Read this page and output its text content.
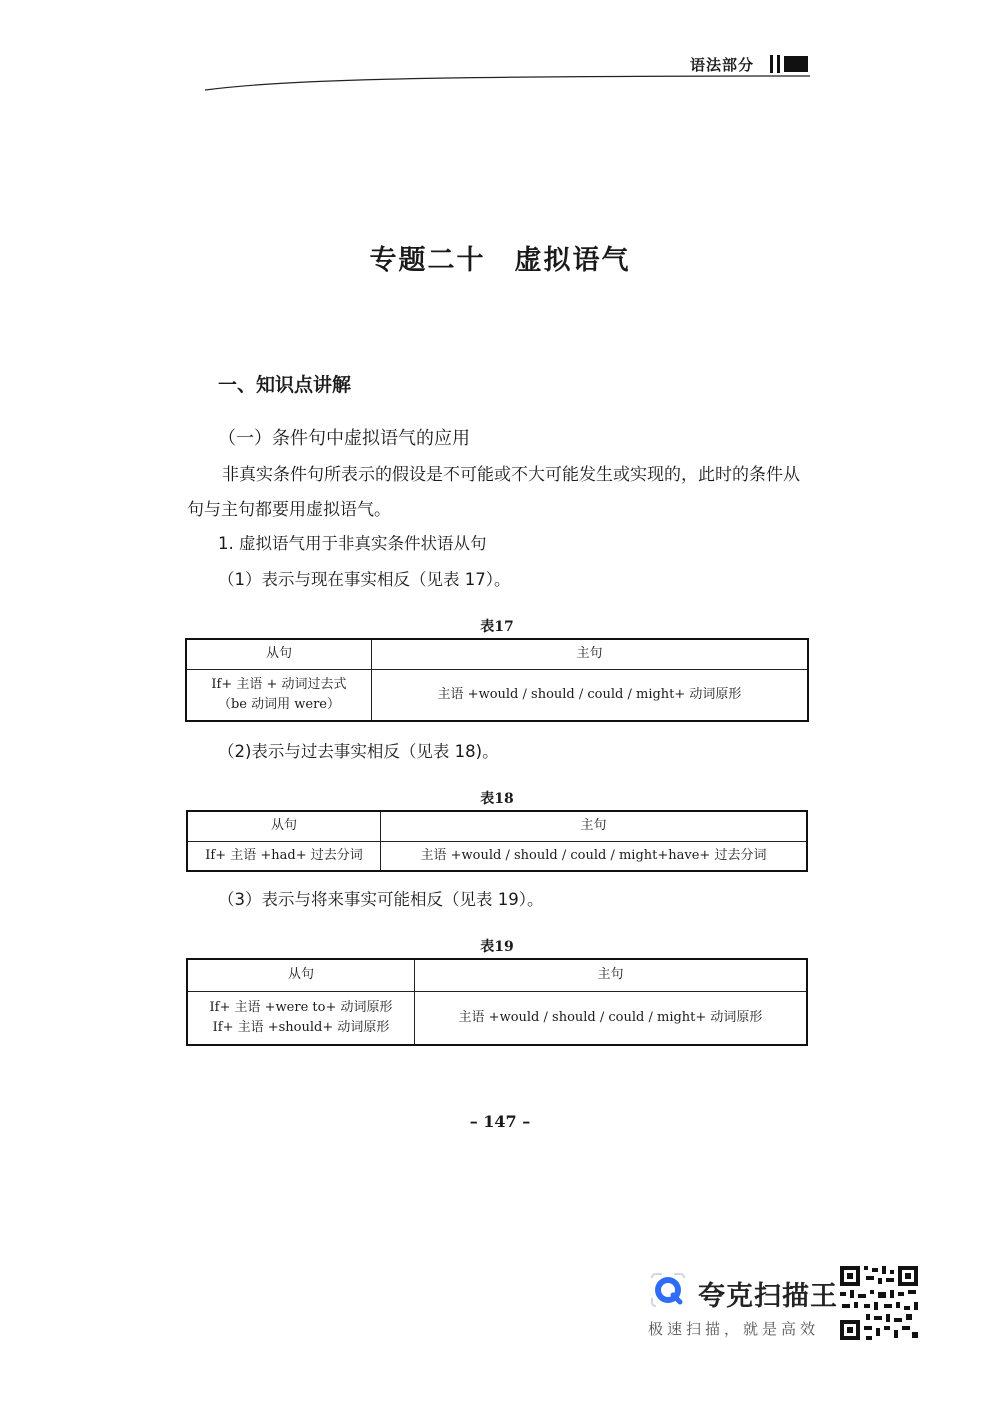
语法部分
专题二十　虚拟语气
一、知识点讲解
（一）条件句中虚拟语气的应用
非真实条件句所表示的假设是不可能或不大可能发生或实现的，此时的条件从句与主句都要用虚拟语气。
1. 虚拟语气用于非真实条件状语从句
（1）表示与现在事实相反（见表 17）。
表17
从句	主句

If+ 主语 + 动词过去式
（be 动词用 were）	主语 +would / should / could / might+ 动词原形
（2)表示与过去事实相反（见表 18)。
表18
从句	主句
If+ 主语 +had+ 过去分词	主语 +would / should / could / might+have+ 过去分词
（3）表示与将来事实可能相反（见表 19）。
表19
从句	主句

If+ 主语 +were to+ 动词原形
If+ 主语 +should+ 动词原形	主语 +would / should / could / might+ 动词原形
– 147 –
夸克扫描王
极速扫描，就是高效
